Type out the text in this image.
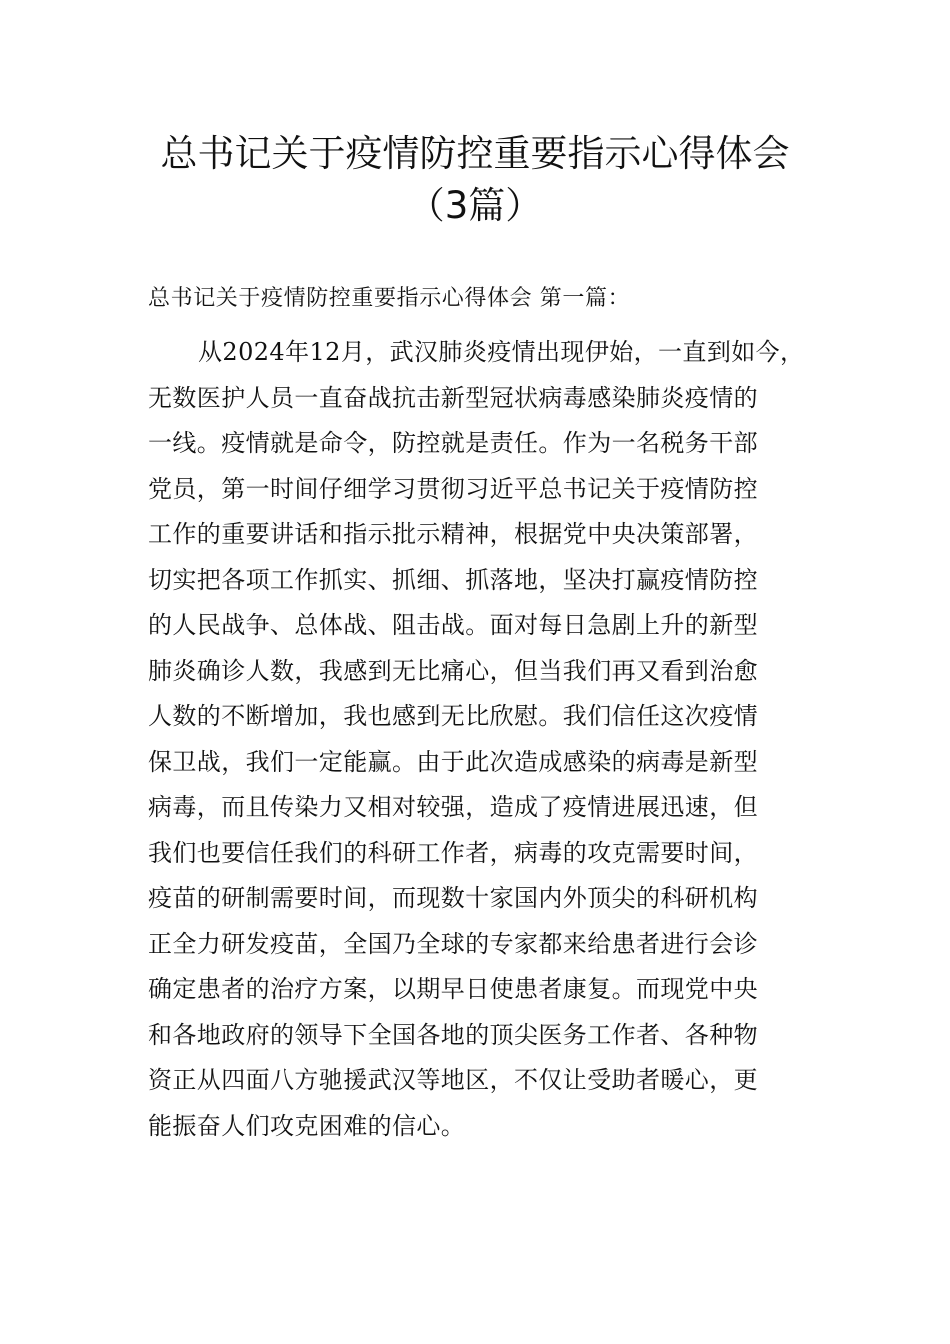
总书记关于疫情防控重要指示心得体会
（3篇）
总书记关于疫情防控重要指示心得体会 第一篇：
从2024年12月，武汉肺炎疫情出现伊始，一直到如今，
无数医护人员一直奋战抗击新型冠状病毒感染肺炎疫情的
一线。疫情就是命令，防控就是责任。作为一名税务干部
党员，第一时间仔细学习贯彻习近平总书记关于疫情防控
工作的重要讲话和指示批示精神，根据党中央决策部署，
切实把各项工作抓实、抓细、抓落地，坚决打赢疫情防控
的人民战争、总体战、阻击战。面对每日急剧上升的新型
肺炎确诊人数，我感到无比痛心，但当我们再又看到治愈
人数的不断增加，我也感到无比欣慰。我们信任这次疫情
保卫战，我们一定能赢。由于此次造成感染的病毒是新型
病毒，而且传染力又相对较强，造成了疫情进展迅速，但
我们也要信任我们的科研工作者，病毒的攻克需要时间，
疫苗的研制需要时间，而现数十家国内外顶尖的科研机构
正全力研发疫苗，全国乃全球的专家都来给患者进行会诊
确定患者的治疗方案，以期早日使患者康复。而现党中央
和各地政府的领导下全国各地的顶尖医务工作者、各种物
资正从四面八方驰援武汉等地区，不仅让受助者暖心，更
能振奋人们攻克困难的信心。
